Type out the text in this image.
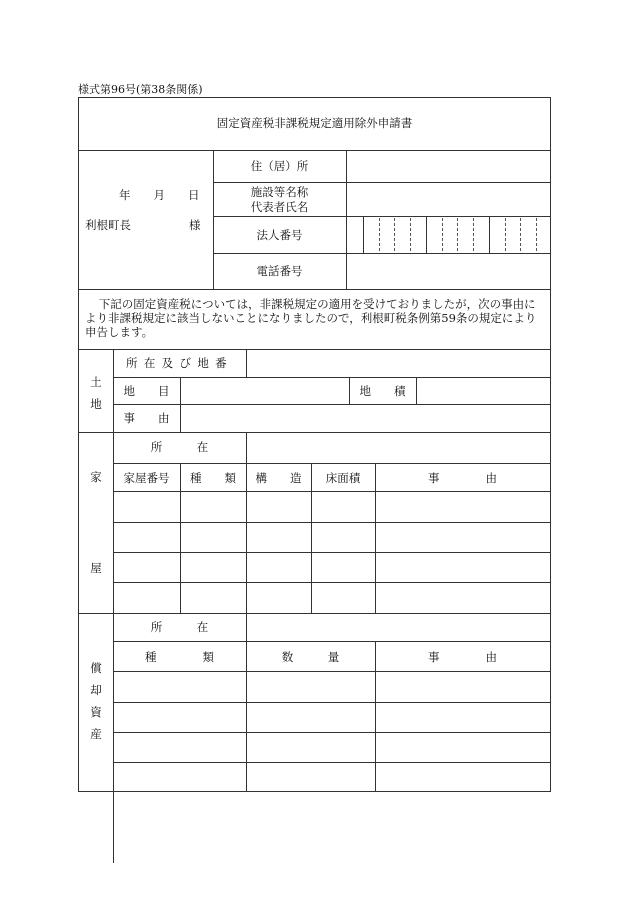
様式第96号(第38条関係)
固定資産税非課税規定適用除外申請書
年　　月　　日
利根町長	様
住（居）所
施設等名称
代表者氏名
法人番号
電話番号
下記の固定資産税については，非課税規定の適用を受けておりましたが，次の事由により非課税規定に該当しないことになりましたので，利根町税条例第59条の規定により申告します。
土
地
所在及び地番
地　　目	地　　積
事　　由
家
屋
所　　　在
家屋番号	種　　類	構　　造	床面積	事　　　　由
償
却
資
産
所　　　在
種　　　　類	数　　　量	事　　　　由
